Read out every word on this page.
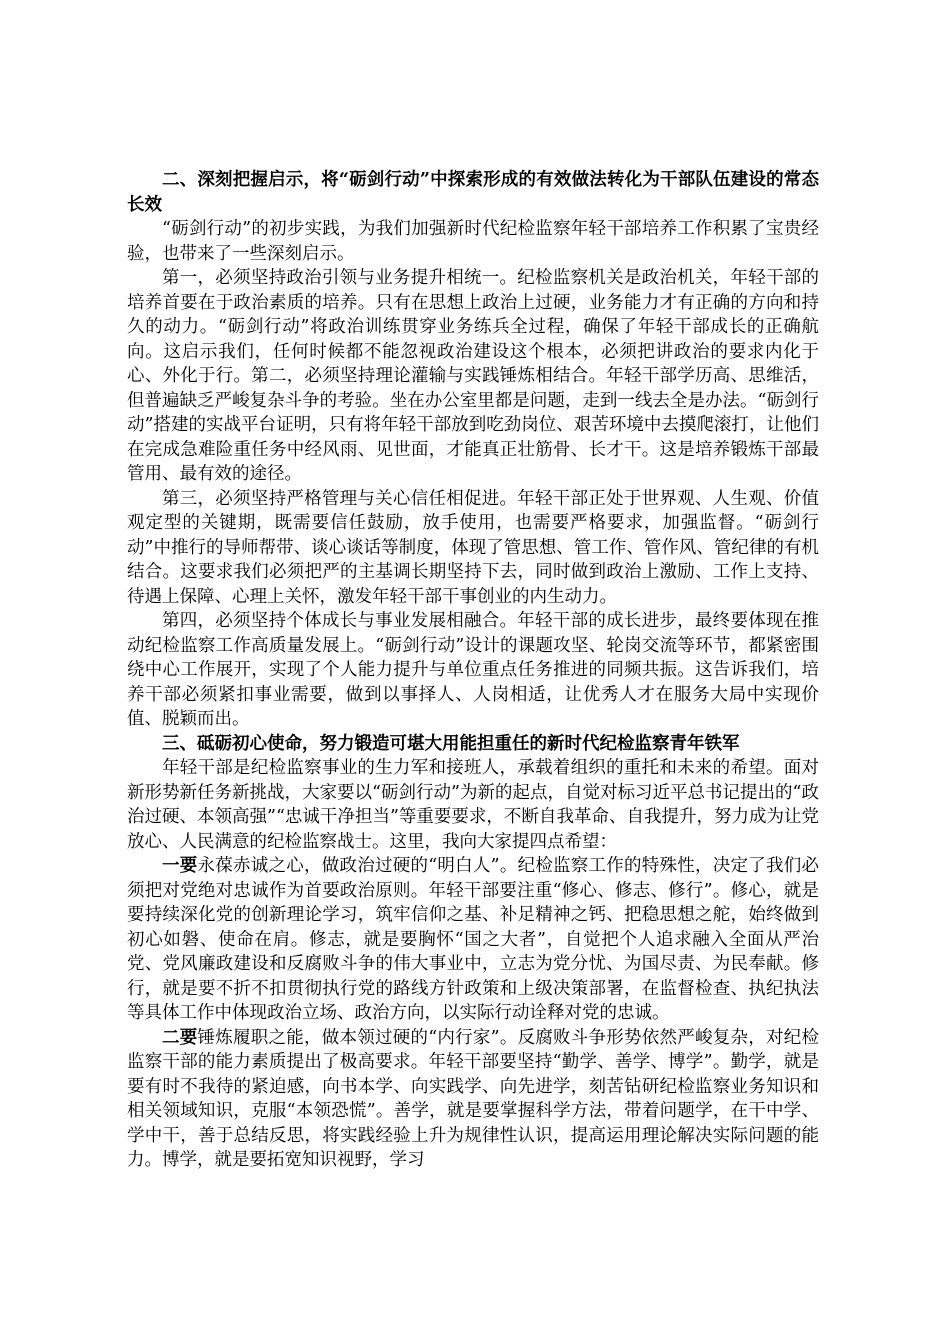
二、深刻把握启示，将“砺剑行动”中探索形成的有效做法转化为干部队伍建设的常态长效

“砺剑行动”的初步实践，为我们加强新时代纪检监察年轻干部培养工作积累了宝贵经验，也带来了一些深刻启示。

第一，必须坚持政治引领与业务提升相统一。纪检监察机关是政治机关，年轻干部的培养首要在于政治素质的培养。只有在思想上政治上过硬，业务能力才有正确的方向和持久的动力。“砺剑行动”将政治训练贯穿业务练兵全过程，确保了年轻干部成长的正确航向。这启示我们，任何时候都不能忽视政治建设这个根本，必须把讲政治的要求内化于心、外化于行。第二，必须坚持理论灌输与实践锤炼相结合。年轻干部学历高、思维活，但普遍缺乏严峻复杂斗争的考验。坐在办公室里都是问题，走到一线去全是办法。“砺剑行动”搭建的实战平台证明，只有将年轻干部放到吃劲岗位、艰苦环境中去摸爬滚打，让他们在完成急难险重任务中经风雨、见世面，才能真正壮筋骨、长才干。这是培养锻炼干部最管用、最有效的途径。

第三，必须坚持严格管理与关心信任相促进。年轻干部正处于世界观、人生观、价值观定型的关键期，既需要信任鼓励，放手使用，也需要严格要求，加强监督。“砺剑行动”中推行的导师帮带、谈心谈话等制度，体现了管思想、管工作、管作风、管纪律的有机结合。这要求我们必须把严的主基调长期坚持下去，同时做到政治上激励、工作上支持、待遇上保障、心理上关怀，激发年轻干部干事创业的内生动力。

第四，必须坚持个体成长与事业发展相融合。年轻干部的成长进步，最终要体现在推动纪检监察工作高质量发展上。“砺剑行动”设计的课题攻坚、轮岗交流等环节，都紧密围绕中心工作展开，实现了个人能力提升与单位重点任务推进的同频共振。这告诉我们，培养干部必须紧扣事业需要，做到以事择人、人岗相适，让优秀人才在服务大局中实现价值、脱颖而出。

三、砥砺初心使命，努力锻造可堪大用能担重任的新时代纪检监察青年铁军

年轻干部是纪检监察事业的生力军和接班人，承载着组织的重托和未来的希望。面对新形势新任务新挑战，大家要以“砺剑行动”为新的起点，自觉对标习近平总书记提出的“政治过硬、本领高强”“忠诚干净担当”等重要要求，不断自我革命、自我提升，努力成为让党放心、人民满意的纪检监察战士。这里，我向大家提四点希望：

一要永葆赤诚之心，做政治过硬的“明白人”。纪检监察工作的特殊性，决定了我们必须把对党绝对忠诚作为首要政治原则。年轻干部要注重“修心、修志、修行”。修心，就是要持续深化党的创新理论学习，筑牢信仰之基、补足精神之钙、把稳思想之舵，始终做到初心如磐、使命在肩。修志，就是要胸怀“国之大者”，自觉把个人追求融入全面从严治党、党风廉政建设和反腐败斗争的伟大事业中，立志为党分忧、为国尽责、为民奉献。修行，就是要不折不扣贯彻执行党的路线方针政策和上级决策部署，在监督检查、执纪执法等具体工作中体现政治立场、政治方向，以实际行动诠释对党的忠诚。

二要锤炼履职之能，做本领过硬的“内行家”。反腐败斗争形势依然严峻复杂，对纪检监察干部的能力素质提出了极高要求。年轻干部要坚持“勤学、善学、博学”。勤学，就是要有时不我待的紧迫感，向书本学、向实践学、向先进学，刻苦钻研纪检监察业务知识和相关领域知识，克服“本领恐慌”。善学，就是要掌握科学方法，带着问题学，在干中学、学中干，善于总结反思，将实践经验上升为规律性认识，提高运用理论解决实际问题的能力。博学，就是要拓宽知识视野，学习
